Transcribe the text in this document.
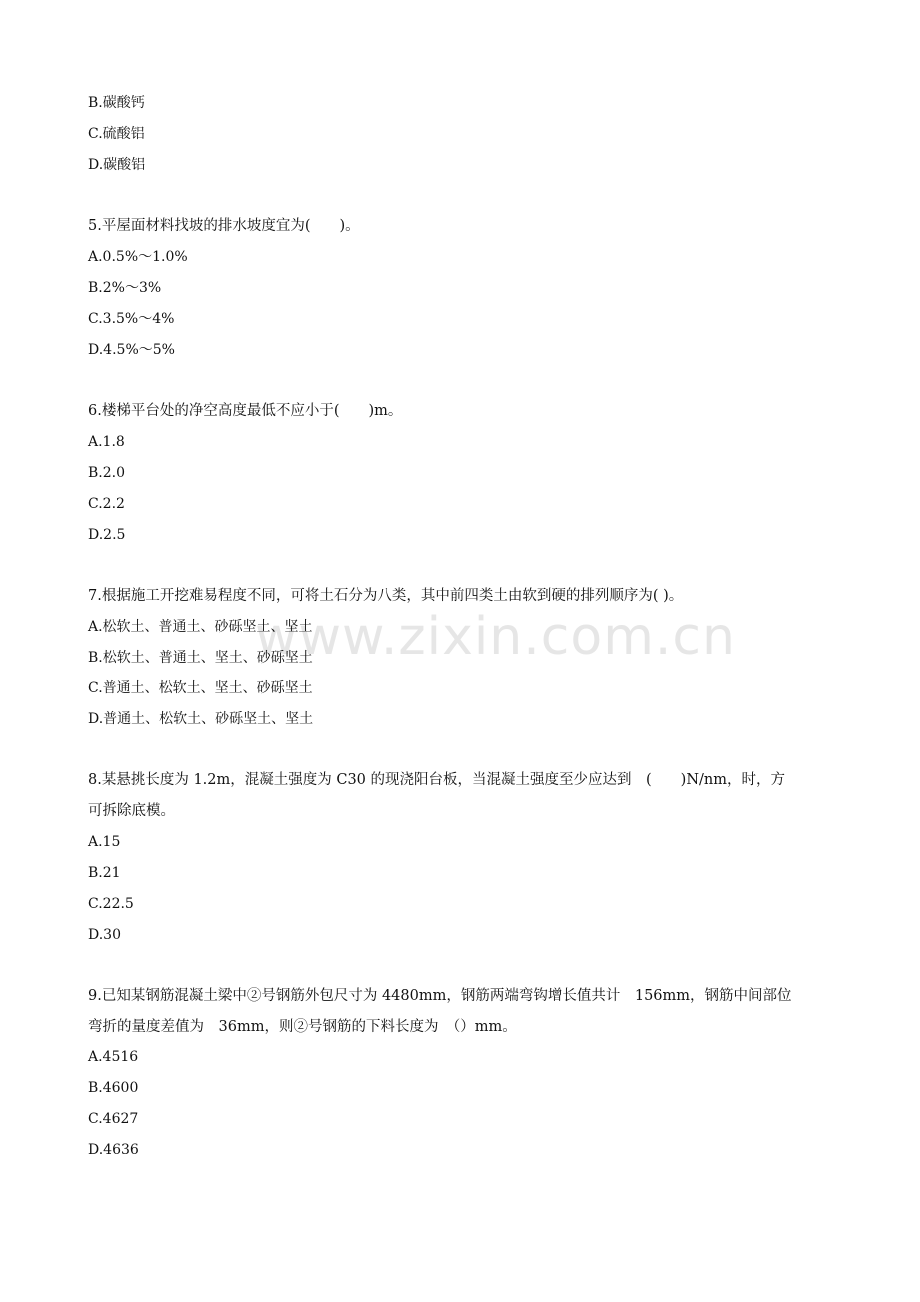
www.zixin.com.cn
B.碳酸钙
C.硫酸铝
D.碳酸铝
5.平屋面材料找坡的排水坡度宜为(　　)。
A.0.5%～1.0%
B.2%～3%
C.3.5%～4%
D.4.5%～5%
6.楼梯平台处的净空高度最低不应小于(　　)m。
A.1.8
B.2.0
C.2.2
D.2.5
7.根据施工开挖难易程度不同，可将土石分为八类，其中前四类土由软到硬的排列顺序为( )。
A.松软土、普通土、砂砾坚土、坚土
B.松软土、普通土、坚土、砂砾坚土
C.普通土、松软土、坚土、砂砾坚土
D.普通土、松软土、砂砾坚土、坚土
8.某悬挑长度为 1.2m，混凝土强度为 C30 的现浇阳台板，当混凝土强度至少应达到　(　　)N/nm，时，方
可拆除底模。
A.15
B.21
C.22.5
D.30
9.已知某钢筋混凝土梁中②号钢筋外包尺寸为 4480mm，钢筋两端弯钩增长值共计　156mm，钢筋中间部位
弯折的量度差值为　36mm，则②号钢筋的下料长度为　（）mm。
A.4516
B.4600
C.4627
D.4636
